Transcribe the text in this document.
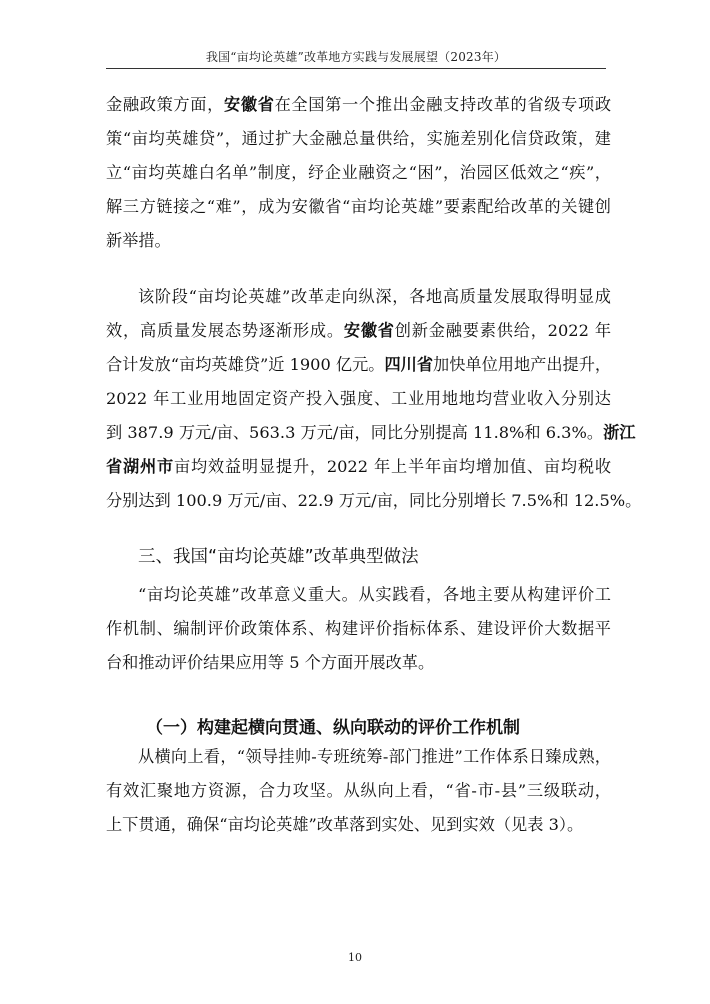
我国“亩均论英雄”改革地方实践与发展展望（2023年）
金融政策方面，安徽省在全国第一个推出金融支持改革的省级专项政
策“亩均英雄贷”，通过扩大金融总量供给，实施差别化信贷政策，建
立“亩均英雄白名单”制度，纾企业融资之“困”，治园区低效之“疾”，
解三方链接之“难”，成为安徽省“亩均论英雄”要素配给改革的关键创
新举措。
该阶段“亩均论英雄”改革走向纵深，各地高质量发展取得明显成
效，高质量发展态势逐渐形成。安徽省创新金融要素供给，2022 年
合计发放“亩均英雄贷”近 1900 亿元。四川省加快单位用地产出提升，
2022 年工业用地固定资产投入强度、工业用地地均营业收入分别达
到 387.9 万元/亩、563.3 万元/亩，同比分别提高 11.8%和 6.3%。浙江
省湖州市亩均效益明显提升，2022 年上半年亩均增加值、亩均税收
分别达到 100.9 万元/亩、22.9 万元/亩，同比分别增长 7.5%和 12.5%。
三、我国“亩均论英雄”改革典型做法
“亩均论英雄”改革意义重大。从实践看，各地主要从构建评价工
作机制、编制评价政策体系、构建评价指标体系、建设评价大数据平
台和推动评价结果应用等 5 个方面开展改革。
（一）构建起横向贯通、纵向联动的评价工作机制
从横向上看，“领导挂帅-专班统筹-部门推进”工作体系日臻成熟，
有效汇聚地方资源，合力攻坚。从纵向上看，“省-市-县”三级联动，
上下贯通，确保“亩均论英雄”改革落到实处、见到实效（见表 3）。
10
